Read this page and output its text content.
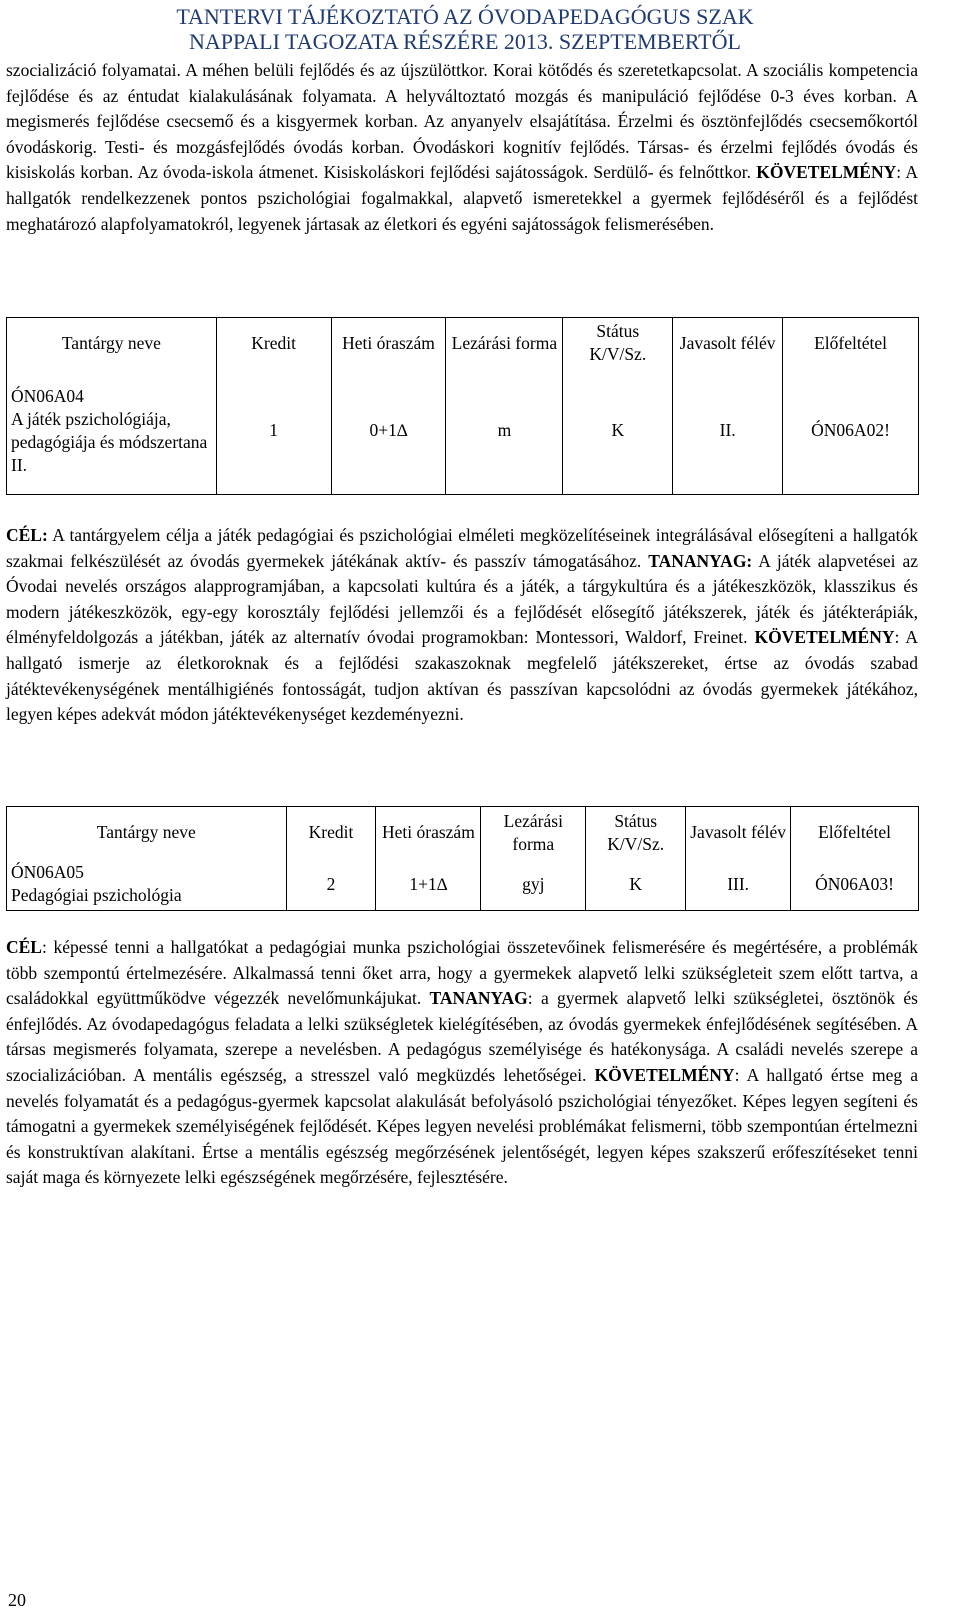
TANTERVI TÁJÉKOZTATÓ AZ ÓVODAPEDAGÓGUS SZAK
NAPPALI TAGOZATA RÉSZÉRE 2013. SZEPTEMBERTŐL
szocializáció folyamatai. A méhen belüli fejlődés és az újszülöttkor. Korai kötődés és szeretetkapcsolat. A szociális kompetencia fejlődése és az éntudat kialakulásának folyamata. A helyváltoztató mozgás és manipuláció fejlődése 0-3 éves korban. A megismerés fejlődése csecsemő és a kisgyermek korban. Az anyanyelv elsajátítása. Érzelmi és ösztönfejlődés csecsemőkortól óvodáskorig. Testi- és mozgásfejlődés óvodás korban. Óvodáskori kognitív fejlődés. Társas- és érzelmi fejlődés óvodás és kisiskolás korban. Az óvoda-iskola átmenet. Kisiskoláskori fejlődési sajátosságok. Serdülő- és felnőttkor. KÖVETELMÉNY: A hallgatók rendelkezzenek pontos pszichológiai fogalmakkal, alapvető ismeretekkel a gyermek fejlődéséről és a fejlődést meghatározó alapfolyamatokról, legyenek jártasak az életkori és egyéni sajátosságok felismerésében.
Tantárgy neve	Kredit	Heti óraszám	Lezárási forma	Státus K/V/Sz.	Javasolt félév	Előfeltétel

ÓN06A04
A játék pszichológiája, pedagógiája és módszertana II.	1	0+1∆	m	K	II.	ÓN06A02!
CÉL: A tantárgyelem célja a játék pedagógiai és pszichológiai elméleti megközelítéseinek integrálásával elősegíteni a hallgatók szakmai felkészülését az óvodás gyermekek játékának aktív- és passzív támogatásához. TANANYAG: A játék alapvetései az Óvodai nevelés országos alapprogramjában, a kapcsolati kultúra és a játék, a tárgykultúra és a játékeszközök, klasszikus és modern játékeszközök, egy-egy korosztály fejlődési jellemzői és a fejlődését elősegítő játékszerek, játék és játékterápiák, élményfeldolgozás a játékban, játék az alternatív óvodai programokban: Montessori, Waldorf, Freinet. KÖVETELMÉNY: A hallgató ismerje az életkoroknak és a fejlődési szakaszoknak megfelelő játékszereket, értse az óvodás szabad játéktevékenységének mentálhigiénés fontosságát, tudjon aktívan és passzívan kapcsolódni az óvodás gyermekek játékához, legyen képes adekvát módon játéktevékenységet kezdeményezni.
Tantárgy neve	Kredit	Heti óraszám	Lezárási forma	Státus K/V/Sz.	Javasolt félév	Előfeltétel

ÓN06A05
Pedagógiai pszichológia	2	1+1∆	gyj	K	III.	ÓN06A03!
CÉL: képessé tenni a hallgatókat a pedagógiai munka pszichológiai összetevőinek felismerésére és megértésére, a problémák több szempontú értelmezésére. Alkalmassá tenni őket arra, hogy a gyermekek alapvető lelki szükségleteit szem előtt tartva, a családokkal együttműködve végezzék nevelőmunkájukat. TANANYAG: a gyermek alapvető lelki szükségletei, ösztönök és énfejlődés. Az óvodapedagógus feladata a lelki szükségletek kielégítésében, az óvodás gyermekek énfejlődésének segítésében. A társas megismerés folyamata, szerepe a nevelésben. A pedagógus személyisége és hatékonysága. A családi nevelés szerepe a szocializációban. A mentális egészség, a stresszel való megküzdés lehetőségei. KÖVETELMÉNY: A hallgató értse meg a nevelés folyamatát és a pedagógus-gyermek kapcsolat alakulását befolyásoló pszichológiai tényezőket. Képes legyen segíteni és támogatni a gyermekek személyiségének fejlődését. Képes legyen nevelési problémákat felismerni, több szempontúan értelmezni és konstruktívan alakítani. Értse a mentális egészség megőrzésének jelentőségét, legyen képes szakszerű erőfeszítéseket tenni saját maga és környezete lelki egészségének megőrzésére, fejlesztésére.
20
